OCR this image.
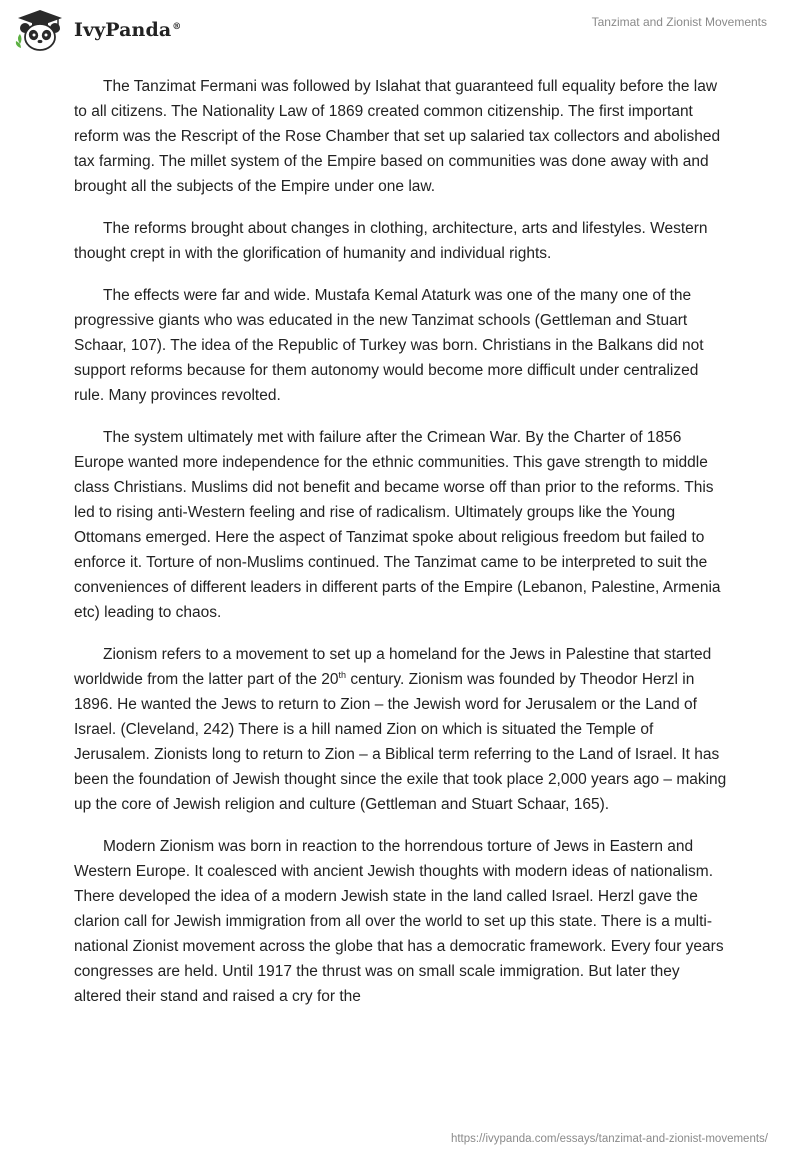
IvyPanda®	Tanzimat and Zionist Movements

The Tanzimat Fermani was followed by Islahat that guaranteed full equality before the law to all citizens. The Nationality Law of 1869 created common citizenship. The first important reform was the Rescript of the Rose Chamber that set up salaried tax collectors and abolished tax farming. The millet system of the Empire based on communities was done away with and brought all the subjects of the Empire under one law.

The reforms brought about changes in clothing, architecture, arts and lifestyles. Western thought crept in with the glorification of humanity and individual rights.

The effects were far and wide. Mustafa Kemal Ataturk was one of the many one of the progressive giants who was educated in the new Tanzimat schools (Gettleman and Stuart Schaar, 107). The idea of the Republic of Turkey was born. Christians in the Balkans did not support reforms because for them autonomy would become more difficult under centralized rule. Many provinces revolted.

The system ultimately met with failure after the Crimean War. By the Charter of 1856 Europe wanted more independence for the ethnic communities. This gave strength to middle class Christians. Muslims did not benefit and became worse off than prior to the reforms. This led to rising anti-Western feeling and rise of radicalism. Ultimately groups like the Young Ottomans emerged. Here the aspect of Tanzimat spoke about religious freedom but failed to enforce it. Torture of non-Muslims continued. The Tanzimat came to be interpreted to suit the conveniences of different leaders in different parts of the Empire (Lebanon, Palestine, Armenia etc) leading to chaos.

Zionism refers to a movement to set up a homeland for the Jews in Palestine that started worldwide from the latter part of the 20th century. Zionism was founded by Theodor Herzl in 1896. He wanted the Jews to return to Zion – the Jewish word for Jerusalem or the Land of Israel. (Cleveland, 242) There is a hill named Zion on which is situated the Temple of Jerusalem. Zionists long to return to Zion – a Biblical term referring to the Land of Israel. It has been the foundation of Jewish thought since the exile that took place 2,000 years ago – making up the core of Jewish religion and culture (Gettleman and Stuart Schaar, 165).

Modern Zionism was born in reaction to the horrendous torture of Jews in Eastern and Western Europe. It coalesced with ancient Jewish thoughts with modern ideas of nationalism. There developed the idea of a modern Jewish state in the land called Israel. Herzl gave the clarion call for Jewish immigration from all over the world to set up this state. There is a multi-national Zionist movement across the globe that has a democratic framework. Every four years congresses are held. Until 1917 the thrust was on small scale immigration. But later they altered their stand and raised a cry for the

https://ivypanda.com/essays/tanzimat-and-zionist-movements/
